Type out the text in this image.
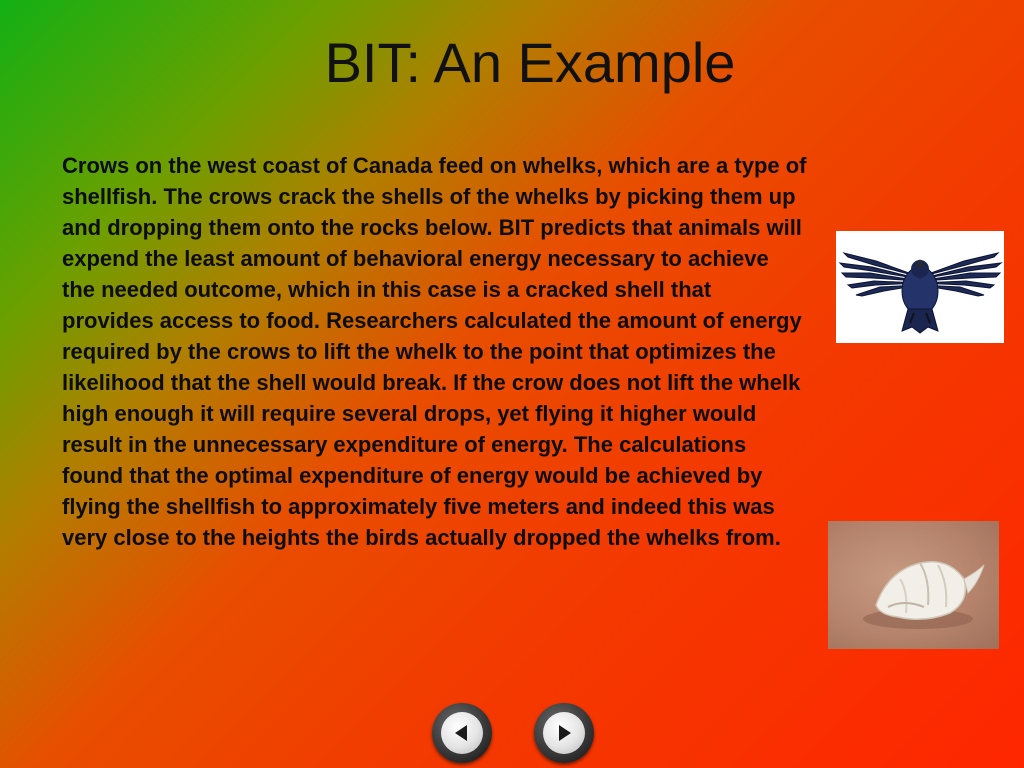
BIT: An Example

Crows on the west coast of Canada feed on whelks, which are a type of shellfish. The crows crack the shells of the whelks by picking them up and dropping them onto the rocks below. BIT predicts that animals will expend the least amount of behavioral energy necessary to achieve the needed outcome, which in this case is a cracked shell that provides access to food. Researchers calculated the amount of energy required by the crows to lift the whelk to the point that optimizes the likelihood that the shell would break. If the crow does not lift the whelk high enough it will require several drops, yet flying it higher would result in the unnecessary expenditure of energy. The calculations found that the optimal expenditure of energy would be achieved by flying the shellfish to approximately five meters and indeed this was very close to the heights the birds actually dropped the whelks from.
